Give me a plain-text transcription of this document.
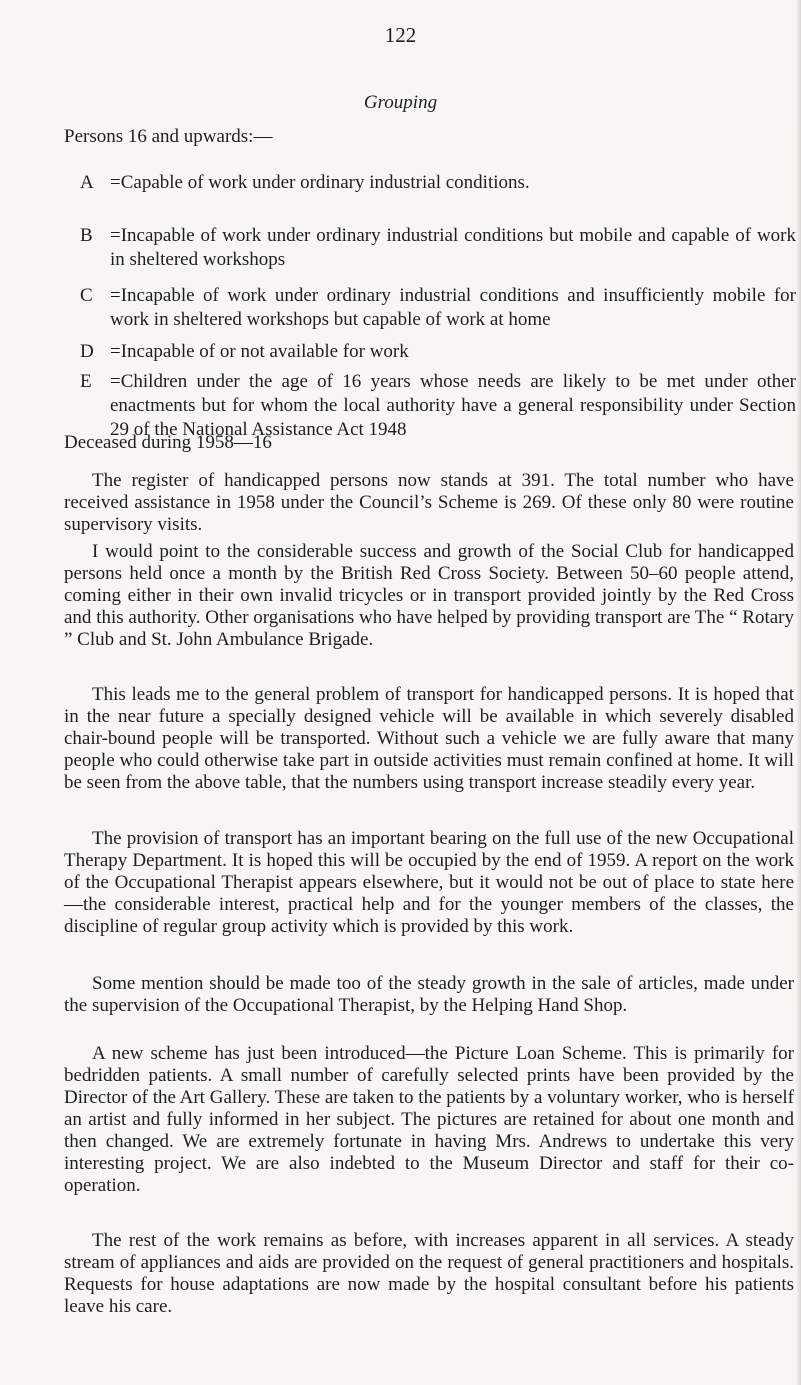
122
Grouping
Persons 16 and upwards:—
A =Capable of work under ordinary industrial conditions.
B =Incapable of work under ordinary industrial conditions but mobile and capable of work in sheltered workshops
C =Incapable of work under ordinary industrial conditions and insufficiently mobile for work in sheltered workshops but capable of work at home
D =Incapable of or not available for work
E =Children under the age of 16 years whose needs are likely to be met under other enactments but for whom the local authority have a general responsibility under Section 29 of the National Assistance Act 1948
Deceased during 1958—16
The register of handicapped persons now stands at 391. The total number who have received assistance in 1958 under the Council’s Scheme is 269. Of these only 80 were routine supervisory visits.
I would point to the considerable success and growth of the Social Club for handicapped persons held once a month by the British Red Cross Society. Between 50–60 people attend, coming either in their own invalid tricycles or in transport provided jointly by the Red Cross and this authority. Other organisations who have helped by providing transport are The “ Rotary ” Club and St. John Ambulance Brigade.
This leads me to the general problem of transport for handicapped persons. It is hoped that in the near future a specially designed vehicle will be available in which severely disabled chair-bound people will be transported. Without such a vehicle we are fully aware that many people who could otherwise take part in outside activities must remain confined at home. It will be seen from the above table, that the numbers using transport increase steadily every year.
The provision of transport has an important bearing on the full use of the new Occupational Therapy Department. It is hoped this will be occupied by the end of 1959. A report on the work of the Occupational Therapist appears elsewhere, but it would not be out of place to state here—the considerable interest, practical help and for the younger members of the classes, the discipline of regular group activity which is provided by this work.
Some mention should be made too of the steady growth in the sale of articles, made under the supervision of the Occupational Therapist, by the Helping Hand Shop.
A new scheme has just been introduced—the Picture Loan Scheme. This is primarily for bedridden patients. A small number of carefully selected prints have been provided by the Director of the Art Gallery. These are taken to the patients by a voluntary worker, who is herself an artist and fully informed in her subject. The pictures are retained for about one month and then changed. We are extremely fortunate in having Mrs. Andrews to undertake this very interesting project. We are also indebted to the Museum Director and staff for their co-operation.
The rest of the work remains as before, with increases apparent in all services. A steady stream of appliances and aids are provided on the request of general practitioners and hospitals. Requests for house adaptations are now made by the hospital consultant before his patients leave his care.
